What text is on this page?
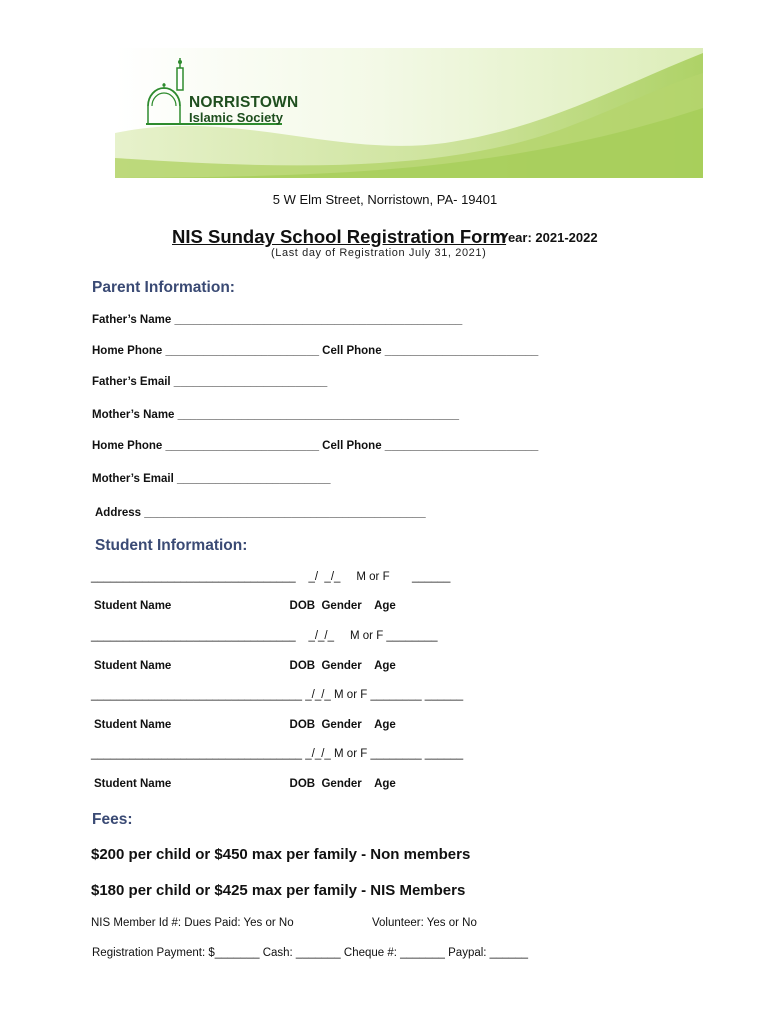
NORRISTOWN
Islamic Society
5 W Elm Street, Norristown, PA- 19401
NIS Sunday School Registration Form
Year: 2021-2022
(Last day of Registration July 31, 2021)
Parent Information:
Father’s Name _____________________________________________
Home Phone ________________________ Cell Phone ________________________
Father’s Email ________________________
Mother’s Name ____________________________________________
Home Phone ________________________ Cell Phone ________________________
Mother’s Email ________________________
Address ____________________________________________
Student Information:
________________________________    _/  _/_     M or F       ______
Student Name                                     DOB  Gender    Age
________________________________    _/_/_     M or F ________
Student Name                                     DOB  Gender    Age
_________________________________ _/_/_ M or F ________ ______
Student Name                                     DOB  Gender    Age
_________________________________ _/_/_ M or F ________ ______
Student Name                                     DOB  Gender    Age
Fees:
$200 per child or $450 max per family - Non members
$180 per child or $425 max per family - NIS Members
NIS Member Id #: Dues Paid: Yes or No	Volunteer: Yes or No
Registration Payment: $_______ Cash: _______ Cheque #: _______ Paypal: ______
